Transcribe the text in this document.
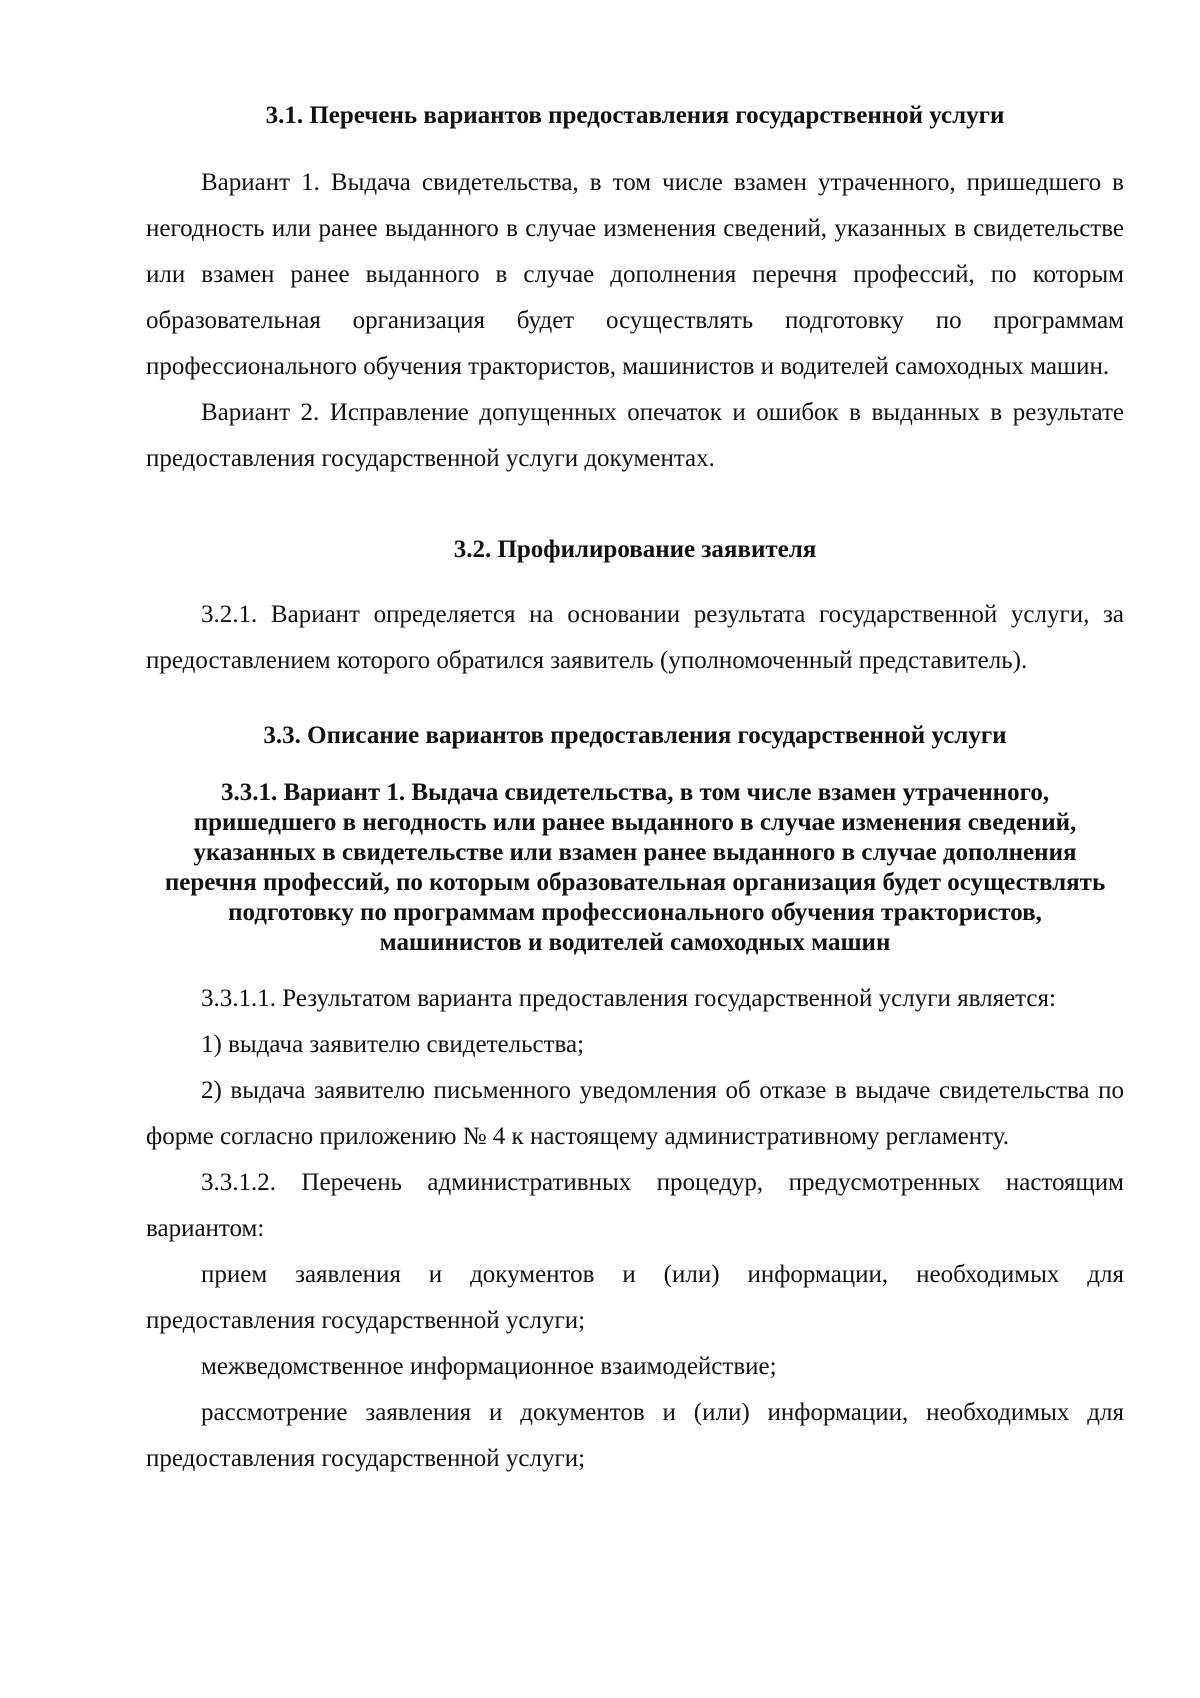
3.1. Перечень вариантов предоставления государственной услуги

Вариант 1. Выдача свидетельства, в том числе взамен утраченного, пришедшего в негодность или ранее выданного в случае изменения сведений, указанных в свидетельстве или взамен ранее выданного в случае дополнения перечня профессий, по которым образовательная организация будет осуществлять подготовку по программам профессионального обучения трактористов, машинистов и водителей самоходных машин.

Вариант 2. Исправление допущенных опечаток и ошибок в выданных в результате предоставления государственной услуги документах.

3.2. Профилирование заявителя

3.2.1. Вариант определяется на основании результата государственной услуги, за предоставлением которого обратился заявитель (уполномоченный представитель).

3.3. Описание вариантов предоставления государственной услуги
3.3.1. Вариант 1. Выдача свидетельства, в том числе взамен утраченного, пришедшего в негодность или ранее выданного в случае изменения сведений, указанных в свидетельстве или взамен ранее выданного в случае дополнения перечня профессий, по которым образовательная организация будет осуществлять подготовку по программам профессионального обучения трактористов, машинистов и водителей самоходных машин

3.3.1.1. Результатом варианта предоставления государственной услуги является:

1) выдача заявителю свидетельства;

2) выдача заявителю письменного уведомления об отказе в выдаче свидетельства по форме согласно приложению № 4 к настоящему административному регламенту.

3.3.1.2. Перечень административных процедур, предусмотренных настоящим вариантом:

прием заявления и документов и (или) информации, необходимых для предоставления государственной услуги;

межведомственное информационное взаимодействие;

рассмотрение заявления и документов и (или) информации, необходимых для предоставления государственной услуги;
